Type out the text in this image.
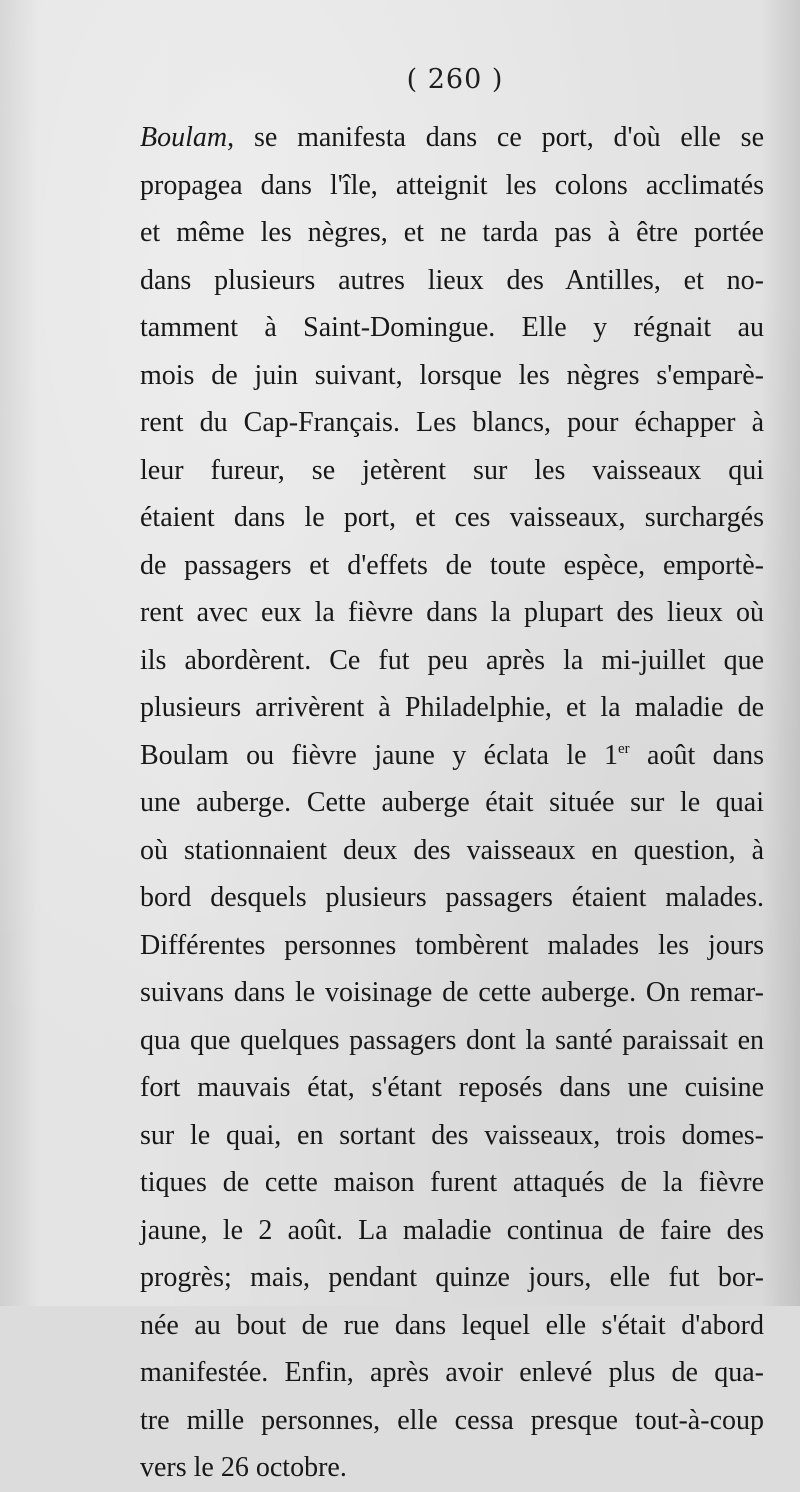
( 260 )
Boulam, se manifesta dans ce port, d'où elle se
propagea dans l'île, atteignit les colons acclimatés
et même les nègres, et ne tarda pas à être portée
dans plusieurs autres lieux des Antilles, et no-
tamment à Saint-Domingue. Elle y régnait au
mois de juin suivant, lorsque les nègres s'emparè-
rent du Cap-Français. Les blancs, pour échapper à
leur fureur, se jetèrent sur les vaisseaux qui
étaient dans le port, et ces vaisseaux, surchargés
de passagers et d'effets de toute espèce, emportè-
rent avec eux la fièvre dans la plupart des lieux où
ils abordèrent. Ce fut peu après la mi-juillet que
plusieurs arrivèrent à Philadelphie, et la maladie de
Boulam ou fièvre jaune y éclata le 1er août dans
une auberge. Cette auberge était située sur le quai
où stationnaient deux des vaisseaux en question, à
bord desquels plusieurs passagers étaient malades.
Différentes personnes tombèrent malades les jours
suivans dans le voisinage de cette auberge. On remar-
qua que quelques passagers dont la santé paraissait en
fort mauvais état, s'étant reposés dans une cuisine
sur le quai, en sortant des vaisseaux, trois domes-
tiques de cette maison furent attaqués de la fièvre
jaune, le 2 août. La maladie continua de faire des
progrès; mais, pendant quinze jours, elle fut bor-
née au bout de rue dans lequel elle s'était d'abord
manifestée. Enfin, après avoir enlevé plus de qua-
tre mille personnes, elle cessa presque tout-à-coup
vers le 26 octobre.
